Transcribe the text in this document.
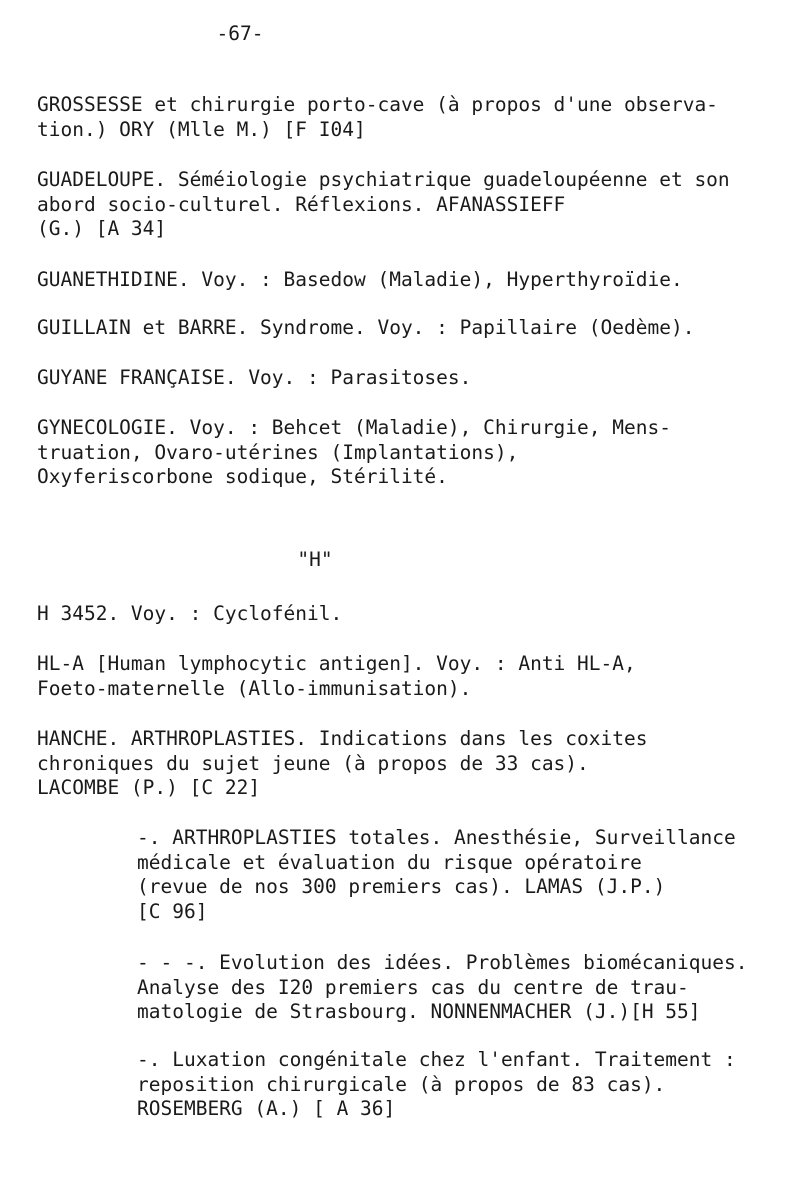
-67-
GROSSESSE et chirurgie porto-cave (à propos d'une observa-
tion.) ORY (Mlle M.) [F I04]
GUADELOUPE. Séméiologie psychiatrique guadeloupéenne et son
abord socio-culturel. Réflexions. AFANASSIEFF
(G.) [A 34]
GUANETHIDINE. Voy. : Basedow (Maladie), Hyperthyroïdie.
GUILLAIN et BARRE. Syndrome. Voy. : Papillaire (Oedème).
GUYANE FRANÇAISE. Voy. : Parasitoses.
GYNECOLOGIE. Voy. : Behcet (Maladie), Chirurgie, Mens-
truation, Ovaro-utérines (Implantations),
Oxyferiscorbone sodique, Stérilité.
"H"
H 3452. Voy. : Cyclofénil.
HL-A [Human lymphocytic antigen]. Voy. : Anti HL-A,
Foeto-maternelle (Allo-immunisation).
HANCHE. ARTHROPLASTIES. Indications dans les coxites
chroniques du sujet jeune (à propos de 33 cas).
LACOMBE (P.) [C 22]
-. ARTHROPLASTIES totales. Anesthésie, Surveillance
médicale et évaluation du risque opératoire
(revue de nos 300 premiers cas). LAMAS (J.P.)
[C 96]
- - -. Evolution des idées. Problèmes biomécaniques.
Analyse des I20 premiers cas du centre de trau-
matologie de Strasbourg. NONNENMACHER (J.)[H 55]
-. Luxation congénitale chez l'enfant. Traitement :
reposition chirurgicale (à propos de 83 cas).
ROSEMBERG (A.) [ A 36]
